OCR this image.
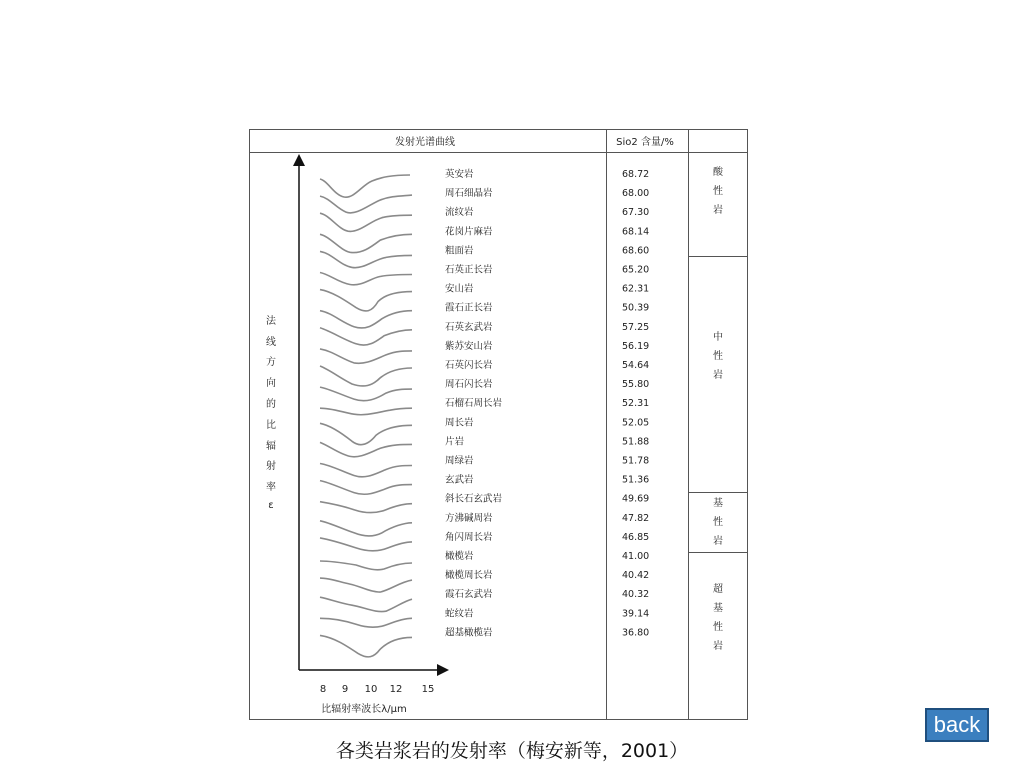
发射光谱曲线	Sio2 含量/%
法
线
方
向
的
比
辐
射
率
ε
8 9 10 12 15
比辐射率波长λ/μm
英安岩
周石细晶岩
流纹岩
花岗片麻岩
粗面岩
石英正长岩
安山岩
霞石正长岩
石英玄武岩
紫苏安山岩
石英闪长岩
周石闪长岩
石榴石周长岩
周长岩
片岩
周绿岩
玄武岩
斜长石玄武岩
方沸碱周岩
角闪周长岩
橄榄岩
橄榄周长岩
霞石玄武岩
蛇纹岩
超基橄榄岩
68.72
68.00
67.30
68.14
68.60
65.20
62.31
50.39
57.25
56.19
54.64
55.80
52.31
52.05
51.88
51.78
51.36
49.69
47.82
46.85
41.00
40.42
40.32
39.14
36.80
酸
性
岩
中
性
岩
基
性
岩
超
基
性
岩
back
各类岩浆岩的发射率（梅安新等，2001）
